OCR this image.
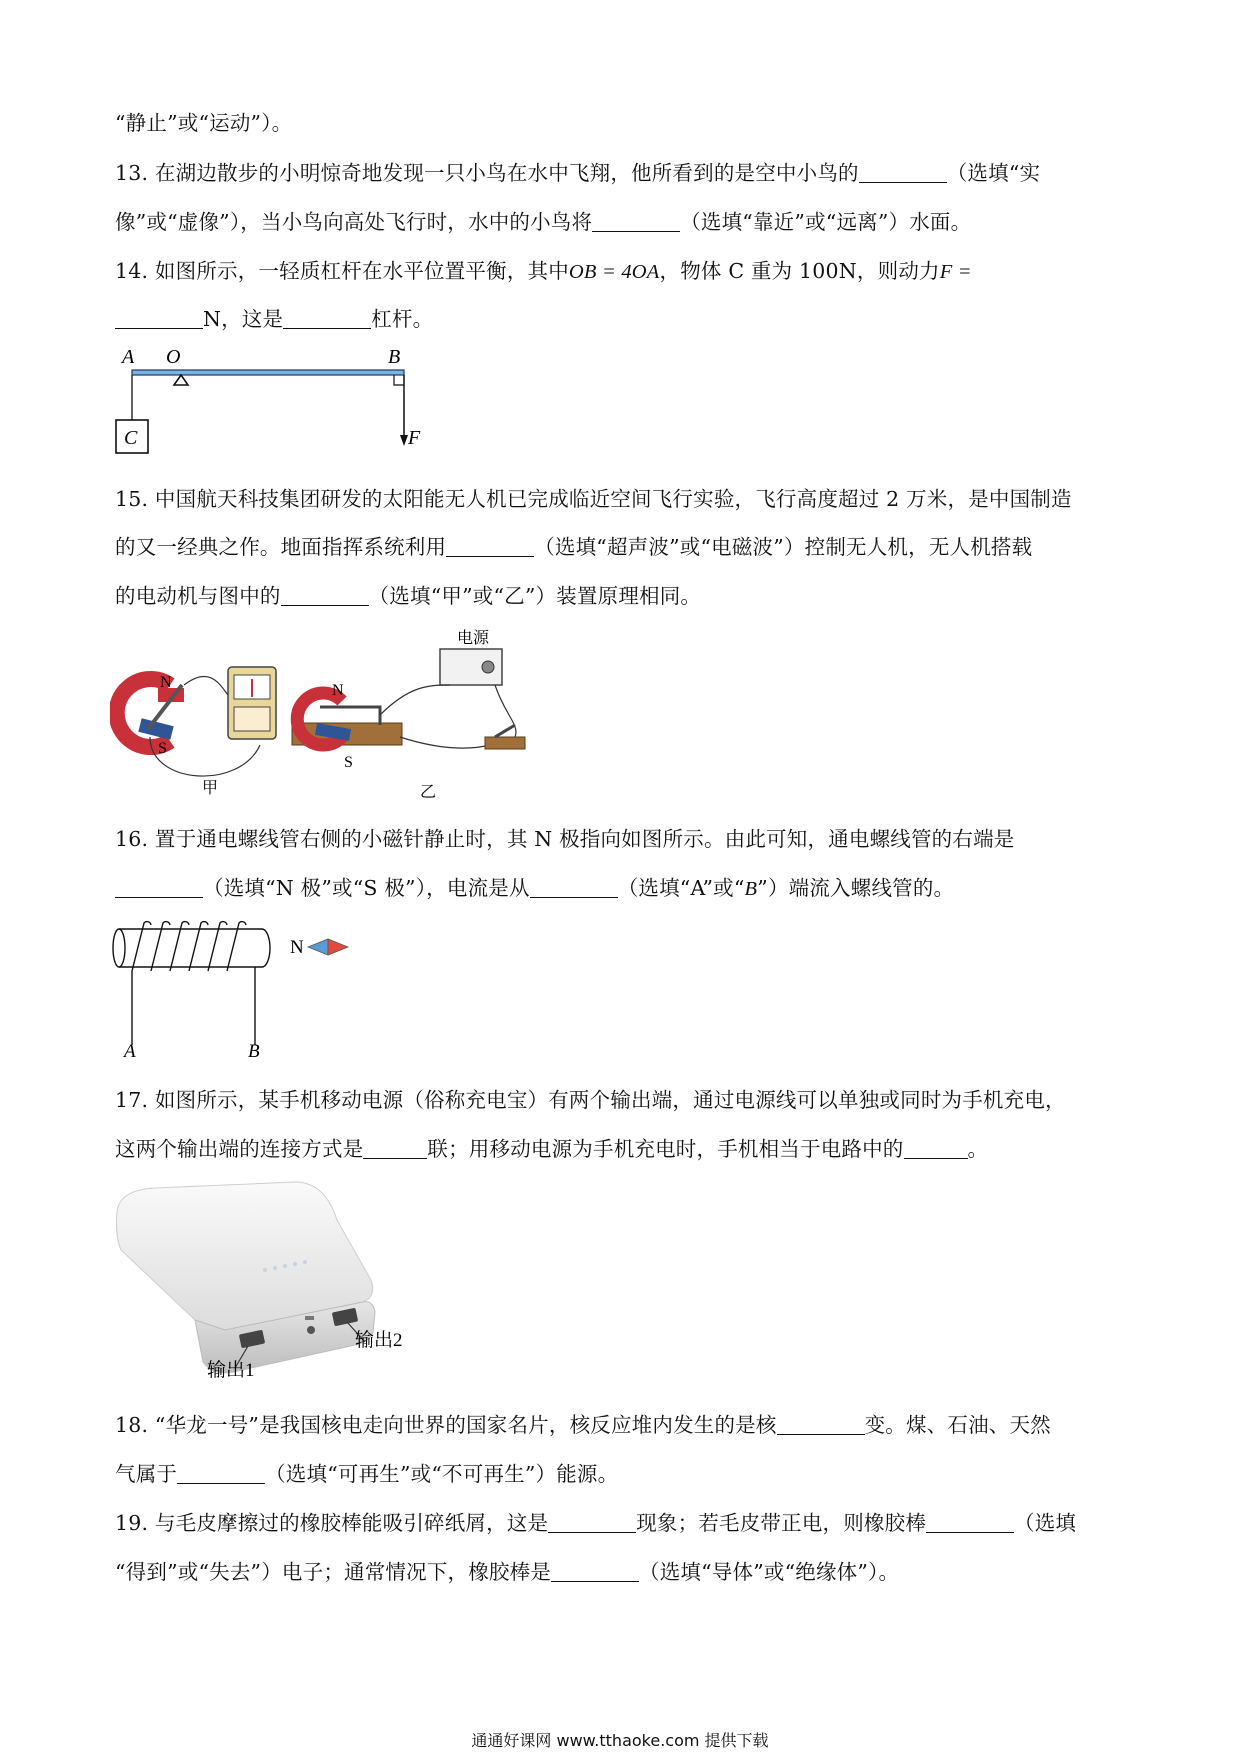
“静止”或“运动”）。
13. 在湖边散步的小明惊奇地发现一只小鸟在水中飞翔，他所看到的是空中小鸟的	（选填“实
像”或“虚像”），当小鸟向高处飞行时，水中的小鸟将	（选填“靠近”或“远离”）水面。
14. 如图所示，一轻质杠杆在水平位置平衡，其中OB = 4OA，物体 C 重为 100N，则动力F =
N，这是	杠杆。
A O	B
C	F
15. 中国航天科技集团研发的太阳能无人机已完成临近空间飞行实验，飞行高度超过 2 万米，是中国制造
的又一经典之作。地面指挥系统利用	（选填“超声波”或“电磁波”）控制无人机，无人机搭载
的电动机与图中的	（选填“甲”或“乙”）装置原理相同。
N
S
甲
电源
N
S
乙
16. 置于通电螺线管右侧的小磁针静止时，其 N 极指向如图所示。由此可知，通电螺线管的右端是
（选填“N 极”或“S 极”），电流是从	（选填“A”或“B”）端流入螺线管的。
A	B
N
17. 如图所示，某手机移动电源（俗称充电宝）有两个输出端，通过电源线可以单独或同时为手机充电，
这两个输出端的连接方式是	联；用移动电源为手机充电时，手机相当于电路中的	。
输出1
输出2
18. “华龙一号”是我国核电走向世界的国家名片，核反应堆内发生的是核	变。煤、石油、天然
气属于	（选填“可再生”或“不可再生”）能源。
19. 与毛皮摩擦过的橡胶棒能吸引碎纸屑，这是	现象；若毛皮带正电，则橡胶棒	（选填
“得到”或“失去”）电子；通常情况下，橡胶棒是	（选填“导体”或“绝缘体”）。
通通好课网 www.tthaoke.com 提供下载
